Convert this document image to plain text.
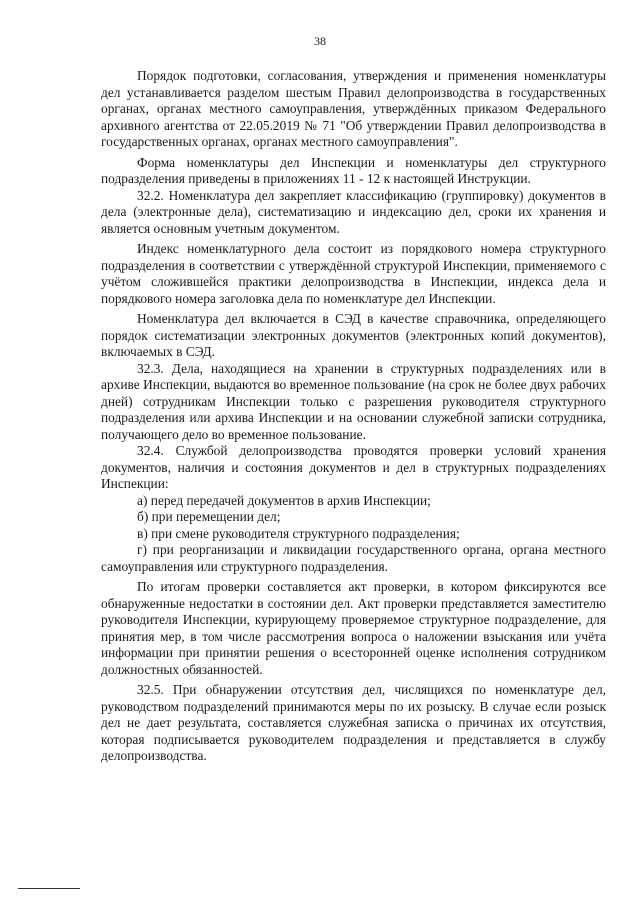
38

Порядок подготовки, согласования, утверждения и применения номенклатуры дел устанавливается разделом шестым Правил делопроизводства в государственных органах, органах местного самоуправления, утверждённых приказом Федерального архивного агентства от 22.05.2019 № 71 "Об утверждении Правил делопроизводства в государственных органах, органах местного самоуправления".

Форма номенклатуры дел Инспекции и номенклатуры дел структурного подразделения приведены в приложениях 11 - 12 к настоящей Инструкции.

32.2. Номенклатура дел закрепляет классификацию (группировку) документов в дела (электронные дела), систематизацию и индексацию дел, сроки их хранения и является основным учетным документом.

Индекс номенклатурного дела состоит из порядкового номера структурного подразделения в соответствии с утверждённой структурой Инспекции, применяемого с учётом сложившейся практики делопроизводства в Инспекции, индекса дела и порядкового номера заголовка дела по номенклатуре дел Инспекции.

Номенклатура дел включается в СЭД в качестве справочника, определяющего порядок систематизации электронных документов (электронных копий документов), включаемых в СЭД.

32.3. Дела, находящиеся на хранении в структурных подразделениях или в архиве Инспекции, выдаются во временное пользование (на срок не более двух рабочих дней) сотрудникам Инспекции только с разрешения руководителя структурного подразделения или архива Инспекции и на основании служебной записки сотрудника, получающего дело во временное пользование.

32.4. Службой делопроизводства проводятся проверки условий хранения документов, наличия и состояния документов и дел в структурных подразделениях Инспекции:

а) перед передачей документов в архив Инспекции;

б) при перемещении дел;

в) при смене руководителя структурного подразделения;

г) при реорганизации и ликвидации государственного органа, органа местного самоуправления или структурного подразделения.

По итогам проверки составляется акт проверки, в котором фиксируются все обнаруженные недостатки в состоянии дел. Акт проверки представляется заместителю руководителя Инспекции, курирующему проверяемое структурное подразделение, для принятия мер, в том числе рассмотрения вопроса о наложении взыскания или учёта информации при принятии решения о всесторонней оценке исполнения сотрудником должностных обязанностей.

32.5. При обнаружении отсутствия дел, числящихся по номенклатуре дел, руководством подразделений принимаются меры по их розыску. В случае если розыск дел не дает результата, составляется служебная записка о причинах их отсутствия, которая подписывается руководителем подразделения и представляется в службу делопроизводства.
